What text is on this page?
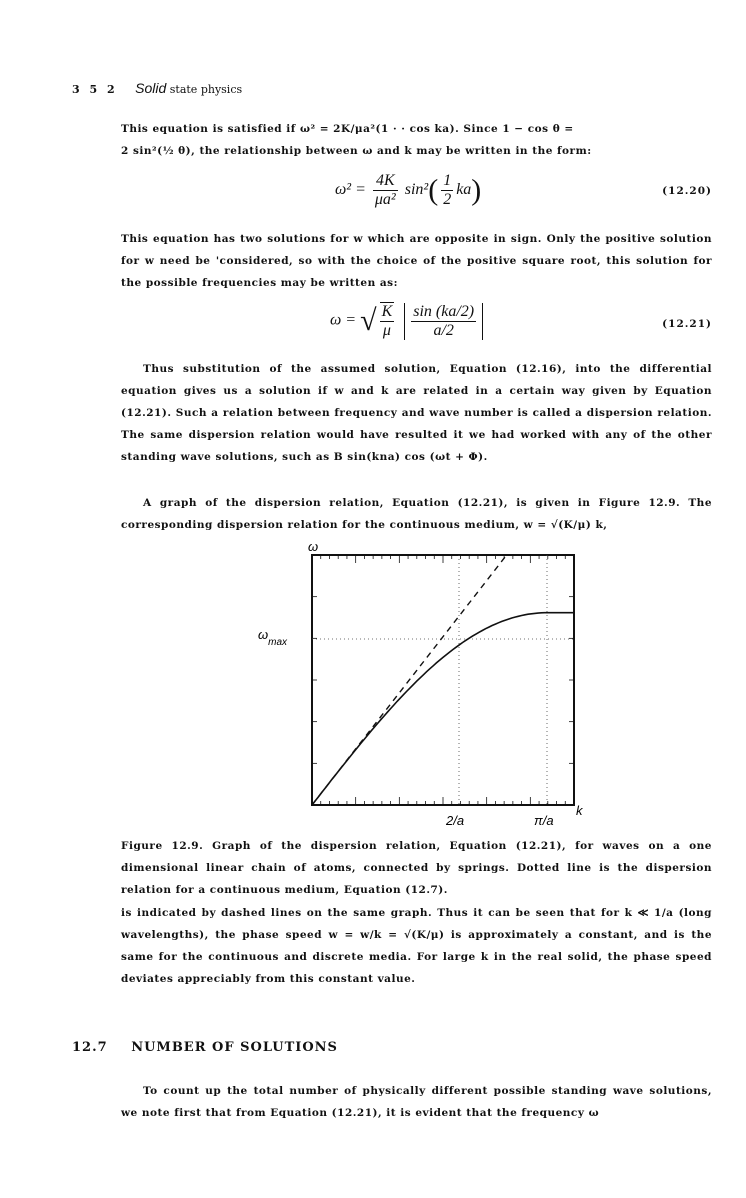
3 5 2 Solid state physics
This equation is satisfied if ω² = 2K/μa²(1 · · cos ka). Since 1 − cos θ =
2 sin²(½ θ), the relationship between ω and k may be written in the form:
$\omega^2 = \frac{4K}{\text{μa²}} \sin^2( \frac{1}{2} ka)$	(12.20)
This equation has two solutions for w which are opposite in sign. Only the positive solution for w need be 'considered, so with the choice of the positive square root, this solution for the possible frequencies may be written as:
ω = √ $\frac{K}{\mu}$
$\frac{\sin (ka/2)}{a/2}$	(12.21)
Thus substitution of the assumed solution, Equation (12.16), into the differential equation gives us a solution if w and k are related in a certain way given by Equation (12.21). Such a relation between frequency and wave number is called a dispersion relation. The same dispersion relation would have resulted it we had worked with any of the other standing wave solutions, such as B sin(kna) cos (ωt + Φ).
A graph of the dispersion relation, Equation (12.21), is given in Figure 12.9. The corresponding dispersion relation for the continuous medium, w = √(K/μ) k,
ω
$\omega_{max}$
k
2/a	π/a
Figure 12.9. Graph of the dispersion relation, Equation (12.21), for waves on a one dimensional linear chain of atoms, connected by springs. Dotted line is the dispersion relation for a continuous medium, Equation (12.7).
is indicated by dashed lines on the same graph. Thus it can be seen that for k ≪ 1/a (long wavelengths), the phase speed w = w/k = √(K/μ) is approximately a constant, and is the same for the continuous and discrete media. For large k in the real solid, the phase speed deviates appreciably from this constant value.
12.7 NUMBER OF SOLUTIONS
To count up the total number of physically different possible standing wave solutions, we note first that from Equation (12.21), it is evident that the frequency ω
